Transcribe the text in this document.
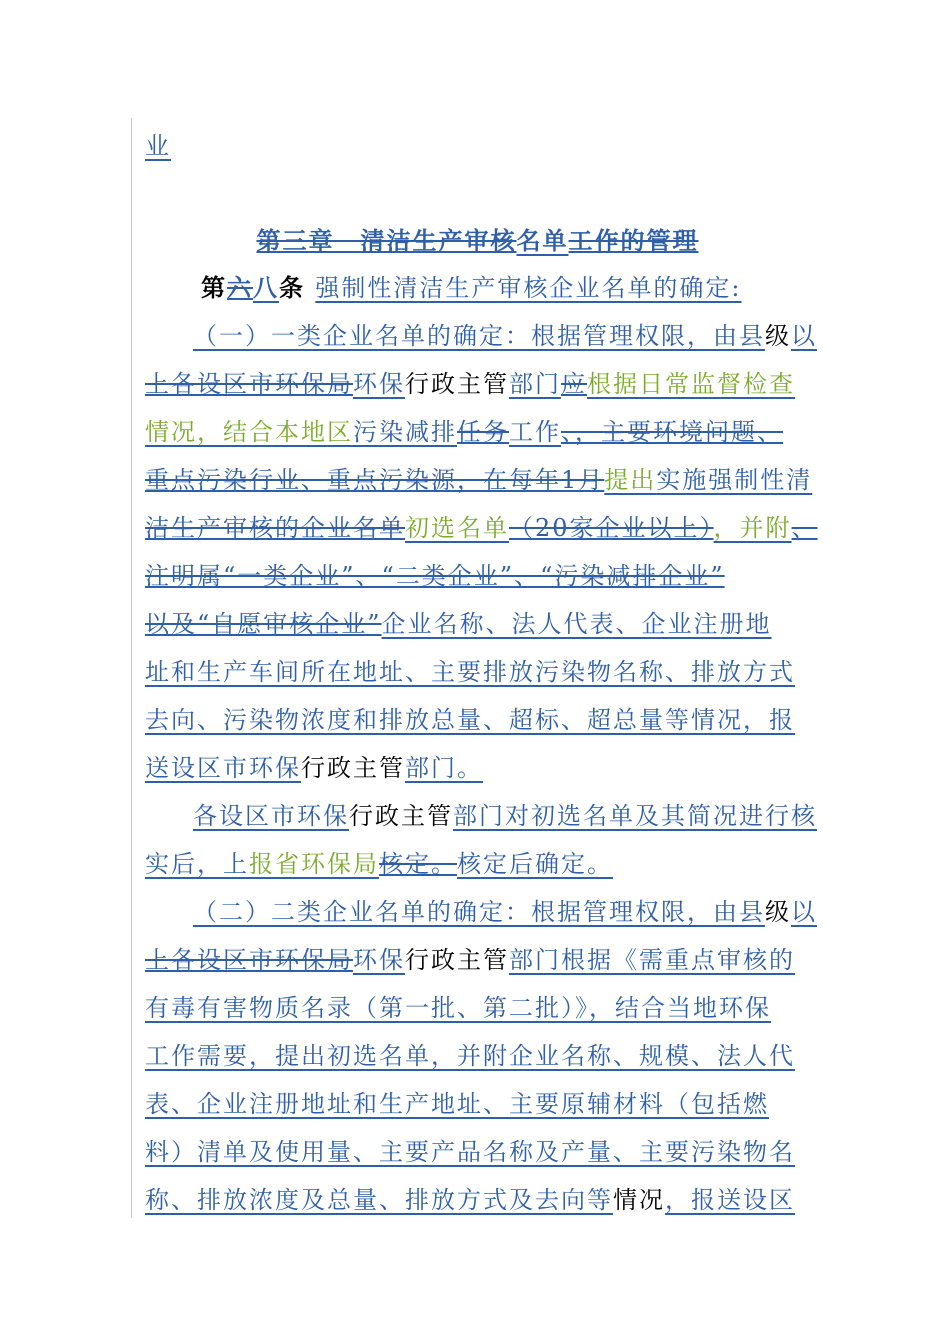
业
第三章　清洁生产审核名单工作的管理
第六八条 强制性清洁生产审核企业名单的确定:
（一）一类企业名单的确定：根据管理权限，由县级以
上各设区市环保局环保行政主管部门应根据日常监督检查
情况，结合本地区污染减排任务工作、，主要环境问题、
重点污染行业、重点污染源，在每年1月提出实施强制性清
洁生产审核的企业名单初选名单（20家企业以上），并附、
注明属“一类企业”、“二类企业”、“污染减排企业”
以及“自愿审核企业”企业名称、法人代表、企业注册地
址和生产车间所在地址、主要排放污染物名称、排放方式
去向、污染物浓度和排放总量、超标、超总量等情况，报
送设区市环保行政主管部门。
各设区市环保行政主管部门对初选名单及其简况进行核
实后，上报省环保局核定。核定后确定。
（二）二类企业名单的确定：根据管理权限，由县级以
上各设区市环保局环保行政主管部门根据《需重点审核的
有毒有害物质名录（第一批、第二批）》，结合当地环保
工作需要，提出初选名单，并附企业名称、规模、法人代
表、企业注册地址和生产地址、主要原辅材料（包括燃
料）清单及使用量、主要产品名称及产量、主要污染物名
称、排放浓度及总量、排放方式及去向等情况，报送设区
